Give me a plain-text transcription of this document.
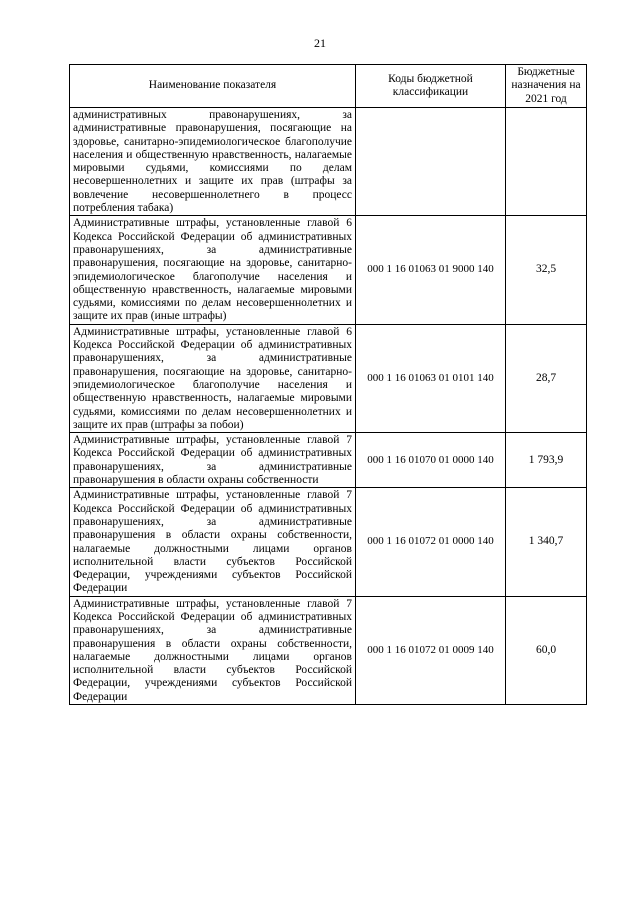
21
Наименование показателя	Коды бюджетной классификации	Бюджетные назначения на 2021 год
административных правонарушениях, за административные правонарушения, посягающие на здоровье, санитарно-эпидемиологическое благополучие населения и общественную нравственность, налагаемые мировыми судьями, комиссиями по делам несовершеннолетних и защите их прав (штрафы за вовлечение несовершеннолетнего в процесс потребления табака)		
Административные штрафы, установленные главой 6 Кодекса Российской Федерации об административных правонарушениях, за административные правонарушения, посягающие на здоровье, санитарно-эпидемиологическое благополучие населения и общественную нравственность, налагаемые мировыми судьями, комиссиями по делам несовершеннолетних и защите их прав (иные штрафы)	000 1 16 01063 01 9000 140	32,5
Административные штрафы, установленные главой 6 Кодекса Российской Федерации об административных правонарушениях, за административные правонарушения, посягающие на здоровье, санитарно-эпидемиологическое благополучие населения и общественную нравственность, налагаемые мировыми судьями, комиссиями по делам несовершеннолетних и защите их прав (штрафы за побои)	000 1 16 01063 01 0101 140	28,7
Административные штрафы, установленные главой 7 Кодекса Российской Федерации об административных правонарушениях, за административные правонарушения в области охраны собственности	000 1 16 01070 01 0000 140	1 793,9
Административные штрафы, установленные главой 7 Кодекса Российской Федерации об административных правонарушениях, за административные правонарушения в области охраны собственности, налагаемые должностными лицами органов исполнительной власти субъектов Российской Федерации, учреждениями субъектов Российской Федерации	000 1 16 01072 01 0000 140	1 340,7
Административные штрафы, установленные главой 7 Кодекса Российской Федерации об административных правонарушениях, за административные правонарушения в области охраны собственности, налагаемые должностными лицами органов исполнительной власти субъектов Российской Федерации, учреждениями субъектов Российской Федерации	000 1 16 01072 01 0009 140	60,0
